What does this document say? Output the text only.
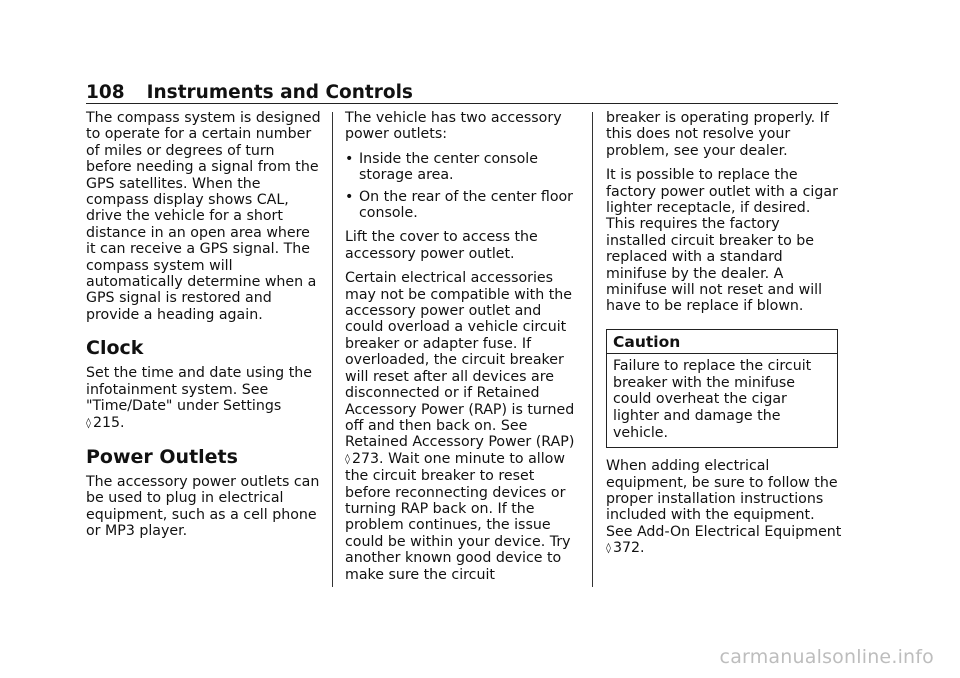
108 Instruments and Controls

The compass system is designed to operate for a certain number of miles or degrees of turn before needing a signal from the GPS satellites. When the compass display shows CAL, drive the vehicle for a short distance in an open area where it can receive a GPS signal. The compass system will automatically determine when a GPS signal is restored and provide a heading again.

Clock

Set the time and date using the infotainment system. See "Time/Date" under Settings
◊ 215.

Power Outlets

The accessory power outlets can be used to plug in electrical equipment, such as a cell phone or MP3 player.

The vehicle has two accessory power outlets:

• Inside the center console storage area.
• On the rear of the center floor console.

Lift the cover to access the accessory power outlet.

Certain electrical accessories may not be compatible with the accessory power outlet and could overload a vehicle circuit breaker or adapter fuse. If overloaded, the circuit breaker will reset after all devices are disconnected or if Retained Accessory Power (RAP) is turned off and then back on. See Retained Accessory Power (RAP) ◊ 273. Wait one minute to allow the circuit breaker to reset before reconnecting devices or turning RAP back on. If the problem continues, the issue could be within your device. Try another known good device to make sure the circuit

breaker is operating properly. If this does not resolve your problem, see your dealer.

It is possible to replace the factory power outlet with a cigar lighter receptacle, if desired. This requires the factory installed circuit breaker to be replaced with a standard minifuse by the dealer. A minifuse will not reset and will have to be replace if blown.

Caution
Failure to replace the circuit breaker with the minifuse could overheat the cigar lighter and damage the vehicle.

When adding electrical equipment, be sure to follow the proper installation instructions included with the equipment. See Add-On Electrical Equipment ◊ 372.

carmanualsonline.info
